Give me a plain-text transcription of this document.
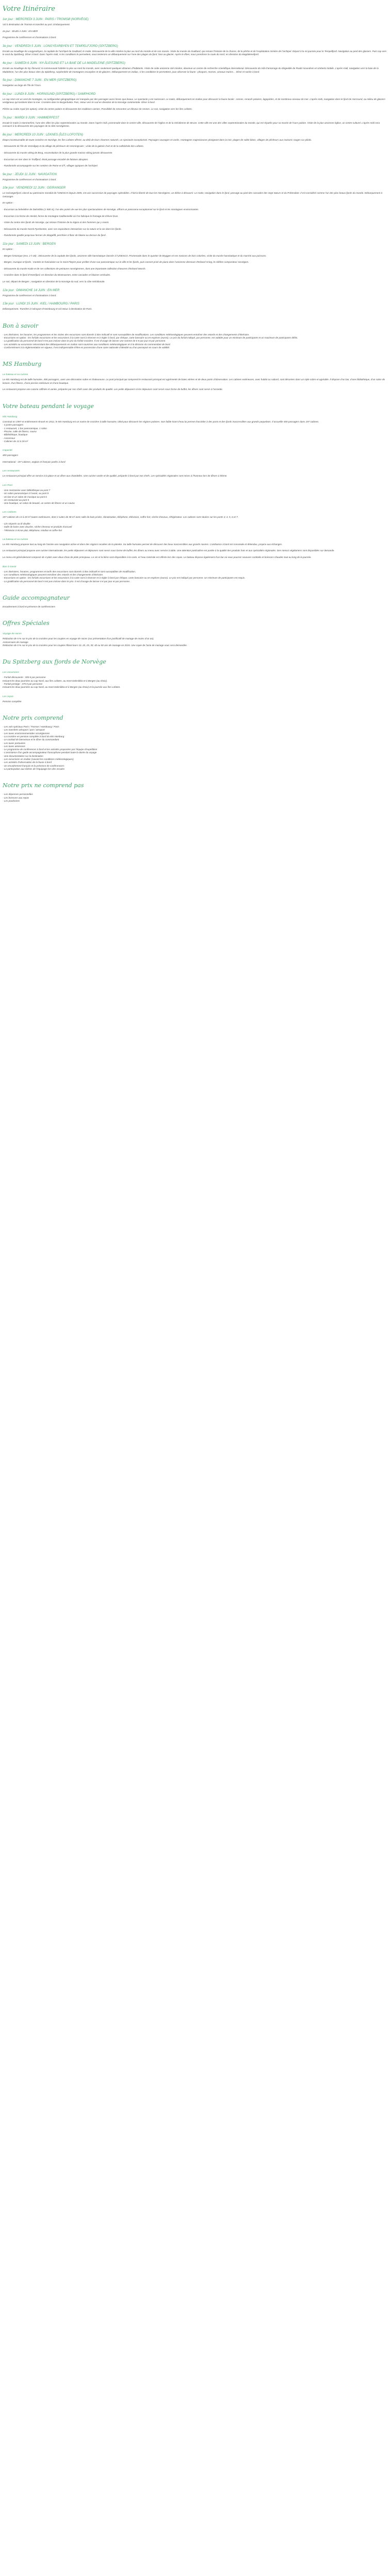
Votre Itinéraire
1er jour : MERCREDI 3 JUIN : PARIS / TROMSØ (NORVÈGE)
Vol à destination de Tromsø et transfert au port. Embarquement.
2e jour : JEUDI 4 JUIN : EN MER
Programme de conférences et d’animations à bord.
3e jour : VENDREDI 5 JUIN : LONGYEARBYEN ET TEMPELFJORD (SPITZBERG)
Escale au mouillage de Longyearbyen, la capitale de l’archipel du Svalbard, le matin. Découverte de la ville minière la plus au nord du monde et de son musée. Visite du musée du Svalbard, qui retrace l’histoire de la chasse, de la pêche et de l’exploitation minière de l’archipel. Départ à la mi-journée pour le Tempelfjord. Navigation au pied des glaciers. Puis cap vers le nord du Spitzberg. Dîner à bord. Dans l’après-midi, si les conditions le permettent, nous tenterons un débarquement sur l’une des plages du fjord, face au glacier. Après le dîner, nous prendrons la route du nord, en direction du Magdalenefjord.
4e jour : SAMEDI 6 JUIN : NY-ÅLESUND ET LA BAIE DE LA MADELEINE (SPITZBERG)
Escale au mouillage de Ny-Ålesund, la communauté habitée la plus au nord du monde, avec seulement quelques dizaines d’habitants. Visite de cette ancienne cité minière, devenue un centre de recherche scientifique international. Découverte du mât d’amarrage du dirigeable de Roald Amundsen et Umberto Nobile. L’après-midi, navigation vers la baie de la Madeleine, l’un des plus beaux sites du Spitzberg, surplombée de montagnes escarpées et de glaciers. Débarquement en zodiac, si les conditions le permettent, pour observer la faune : phoques, morses, oiseaux marins… Dîner et soirée à bord.
5e jour : DIMANCHE 7 JUIN : EN MER (SPITZBERG)
Navigation au large de l’île de l’Ours.
6e jour : LUNDI 8 JUIN : HORNSUND (SPITZBERG) / SAMPHORD
Le cap Horn est un vent de montagne, sa configuration géographique est marquée par des passages aussi lisses que beaux. Le spectacle y est saisissant. Le matin, débarquement en zodiac pour découvrir la faune locale : rennes, renards polaires, lagopèdes, et de nombreux oiseaux de mer. L’après-midi, navigation dans le fjord de Hornsund, au milieu de glaciers vertigineux qui tombent dans la mer. Croisière dans le Burgerbukta. Puis, retour vers le sud en direction de la Norvège continentale. Dîner à bord.
Pêche au crabe royal (en option), visite du centre polaire et découverte des traditions samies. Possibilité de rencontrer un éleveur de rennes. Le soir, navigation vers les îles Lofoten.
7e jour : MARDI 9 JUIN : HAMMERFEST
Escale le matin à Hammerfest, l’une des villes les plus septentrionales au monde. Dans l’après-midi, promenade dans le centre-ville, découverte de l’église et de la méridienne de Struve. Cette ville est une des villes septentrionales du monde, qui est réputée pour sa musée de l’ours polaire. Visite de la plus ancienne église, un centre culturel. L’après-midi sera consacré à la découverte des paysages de la côte norvégienne.
8e jour : MERCREDI 10 JUIN : LEKNES (ÎLES LOFOTEN)
Étape incontournable de toute croisière en Norvège, les îles Lofoten offrent, au-delà de leurs charmes naturels, un spectacle exceptionnel. Paysages sauvages et variés, montagnes majestueuses plongeant dans la mer, plages de sable blanc, villages de pêcheurs aux maisons rouges sur pilotis.
- Découverte de l’île de Vestvågøy et du village de pêcheurs de Henningsvær ; visite de la galerie d’art et de la cathédrale des Lofoten.
- Découverte du musée viking de Borg, reconstitution de la plus grande maison viking jamais découverte.
- Excursion en mer dans le Trollfjord, étroit passage encadré de falaises abruptes.
- Randonnée accompagnée sur les sentiers de Reine et d’Å, villages typiques de l’archipel.
9e jour : JEUDI 11 JUIN : NAVIGATION
Programme de conférences et d’animations à bord.
10e jour : VENDREDI 12 JUIN : GEIRANGER
Le Geirangerfjord, classé au patrimoine mondial de l’UNESCO depuis 2005, est une succession de paysages splendides. Il fait la liberté de tous les Norvégiens, un délice à découvrir. Le matin, navigation dans le fjord, passage au pied des cascades des Sept Sœurs et du Prétendant. Il est considéré comme l’un des plus beaux fjords du monde. Débarquement à Geiranger.
En option :
- Excursion au belvédère de Dalsnibba (1 500 m), l’un des points de vue les plus spectaculaires de Norvège, offrant un panorama exceptionnel sur le fjord et les montagnes environnantes.
- Excursion à la ferme de Herdal, ferme de montagne traditionnelle où l’on fabrique le fromage de chèvre brun.
- Visite du centre des fjords de Norvège, qui retrace l’histoire de la région et des hommes qui y vivent.
- Découverte du musée Norsk Fjordsenter, avec ses expositions interactives sur la nature et la vie dans les fjords.
- Randonnée guidée jusqu’aux fermes de Skageflå, perchées à flanc de falaise au-dessus du fjord.
11e jour : SAMEDI 13 JUIN : BERGEN
En option :
- Bergen historique (env. 2 h 30) : Découverte de la capitale des fjords, ancienne ville hanséatique classée à l’UNESCO. Promenade dans le quartier de Bryggen et ses maisons de bois colorées, visite du musée hanséatique et du marché aux poissons.
- Bergen, musique et fjords : montée en funiculaire sur le mont Fløyen pour profiter d’une vue panoramique sur la ville et les fjords, puis concert privé de piano dans l’ancienne demeure d’Edvard Grieg, le célèbre compositeur norvégien.
- Découverte du musée Kode et de ses collections de peintures norvégiennes, dont une importante collection d’œuvres d’Edvard Munch.
- Croisière dans le fjord d’Osterfjord, en direction du Mostraumen, entre cascades et falaises verticales.
Le soir, départ de Bergen ; navigation en direction de la Norvège du sud, vers la côte méridionale.
12e jour : DIMANCHE 14 JUIN : EN MER
Programme de conférences et d’animations à bord.
13e jour : LUNDI 15 JUIN : KIEL / HAMBOURG / PARIS
Débarquement. Transfert à l’aéroport d’Hambourg et vol retour à destination de Paris.
Bon à savoir
- Les itinéraires, les horaires, les programmes et les visites des excursions sont donnés à titre indicatif et sont susceptibles de modifications. Les conditions météorologiques peuvent entraîner des retards et des changements d’itinéraire.
- Excursions en option : les forfaits excursions et les excursions à la carte sont à réserver et à régler à bord, par chèque, carte bancaire ou en espèces (euros). Le prix du forfait indiqué, par personne, est valable pour un minimum de participants et un maximum de participants défini.
- La gratification du personnel de bord n’est pas incluse dans le prix du forfait croisière. Il est d’usage de laisser une somme de 6 € par jour et par personne.
- Les activités ou excursions nécessitant des débarquements en zodiac sont soumises aux conditions météorologiques et à la décision du commandant de bord.
- Conformément à la réglementation en vigueur, il est indispensable d’être en possession d’une carte nationale d’identité ou d’un passeport en cours de validité.
MS Hamburg
Le bateau et sa cuisine
Le MS Hamburg est de taille humaine, 400 passagers, avec une décoration sobre et chaleureuse. Le pont principal qui comprend le restaurant principal est agrémenté de baies vitrées et de deux ponts d’observation. Les cabines extérieures, avec hublot ou sabord, sont décorées dans un style sobre et agréable. Il dispose d’un bar, d’une bibliothèque, d’un salon de lecture, d’un fitness, d’une piscine extérieure et d’une boutique.
Le restaurant propose une cuisine raffinée et variée, préparée par nos chefs avec des produits de qualité. Les petits déjeuners et les déjeuners sont servis sous forme de buffet, les dîners sont servis à l’assiette.
Votre bateau pendant le voyage
MS Hamburg
Construit en 1997 et entièrement rénové en 2012, le MS Hamburg est un navire de croisière à taille humaine, idéal pour découvrir les régions polaires. Son faible tirant d’eau lui permet d’accéder à des ports et des fjords inaccessibles aux grands paquebots. Il accueille 400 passagers dans 197 cabines.
- 4 ponts passagers
- 1 restaurant, 1 bar panoramique, 1 salon
- Piscine, salle de fitness, sauna
- Bibliothèque, boutique
- Ascenseur
- Cabines de 13 à 28 m²
Capacité
400 passagers
International : 197 cabines, anglais et français parlés à bord
Les restaurants
Le restaurant principal offre un service à la place et un dîner aux chandelles. Une cuisine variée et de qualité, préparée à bord par nos chefs. Les spécialités régionales sont mises à l’honneur lors de dîners à thème.
Les Pont
- Une mezzanine avec bibliothèque au pont 7
- Un salon panoramique à l’avant, au pont 8
- Un bar et un salon de musique au pont 6
- Un restaurant au pont 5
- Une boutique, un salon de beauté, un centre de fitness et un sauna
Les Cabines
197 cabines de 13 à 28 m² toutes extérieures, dont 2 suites de 38 m² avec salle de bain privée, climatisation, téléphone, télévision, coffre-fort, sèche-cheveux, réfrigérateur. Les cabines sont situées sur les ponts 3, 4, 5, 6 et 7.
- Lits séparés ou lit double
- Salle de bains avec douche, sèche-cheveux et produits d’accueil
- Télévision à écran plat, téléphone, minibar et coffre-fort
La bateau et sa cuisine
Le MS Hamburg propose tout au long de l’année une navigation active et dans des régions reculées de la planète. Sa taille humaine permet de découvrir des lieux inaccessibles aux grands navires. L’ambiance à bord est conviviale et détendue, propice aux échanges.
Le restaurant principal propose une cuisine internationale, les petits déjeuners et déjeuners sont servis sous forme de buffet, les dîners au menu avec service à table. Une attention particulière est portée à la qualité des produits frais et aux spécialités régionales. Des menus végétariens sont disponibles sur demande.
Le menu est généralement composé de 4 plats avec deux choix de plats principaux. Le vin et la bière sont disponibles à la carte, et l’eau minérale est offerte lors des repas. Le bateau dispose également d’un bar où vous pourrez savourer cocktails et boissons chaudes tout au long de la journée.
Bon à savoir
- Les itinéraires, horaires, programmes et tarifs des excursions sont donnés à titre indicatif et sont susceptibles de modification.
- Les conditions météorologiques peuvent entraîner des retards et des changements d’itinéraire.
- Excursions en option : les forfaits excursions et les excursions à la carte sont à réserver et à régler à bord par chèque, carte bancaire ou en espèces (euros). Le prix est indiqué par personne. Un minimum de participants est requis.
- La gratification du personnel de bord n’est pas incluse dans le prix. Il est d’usage de laisser 6 € par jour et par personne.
Guide accompagnateur
Encadrement à bord et présence de conférenciers
Offres Spéciales
Voyage de noces
Réduction de 5 % sur le prix de la croisière pour les couples en voyage de noces (sur présentation d’un justificatif de mariage de moins d’un an).
Anniversaire de mariage
Réduction de 5 % sur le prix de la croisière pour les couples fêtant leurs 10, 20, 25, 30, 40 ou 50 ans de mariage en 2015. Une copie de l’acte de mariage vous sera demandée.
Du Spitzberg aux fjords de Norvège
Les excursions
- Forfait découverte : 300 € par personne
Incluant les deux journées au cap Nord, aux îles Lofoten, au mont Dalsnibba et à Bergen (au choix).
- Forfait prestige : 375 € par personne
Incluant les deux journées au cap Nord, au mont Dalsnibba et à Bergen (au choix) et la journée aux îles Lofoten.
Les repas
Pension complète
Notre prix comprend
- Les vols spéciaux Paris / Tromsø / Hambourg / Paris
- Les transferts aéroport / port / aéroport
- Les taxes environnementales norvégiennes
- La croisière en pension complète à bord du MS Hamburg
- Le cocktail de bienvenue et le dîner du commandant
- Les taxes portuaires
- Les taxes aériennes
- Le programme de conférences à bord et les activités proposées par l’équipe d’expédition
- L’assistance d’un guide accompagnateur francophone pendant toute la durée du voyage
- Une documentation sur la destination
- Les excursions en zodiac (suivant les conditions météorologiques)
- Les activités d’observation de la faune à bord
- Un encadrement français et la présence de conférenciers
- La participation aux tâches de l’équipage lors des escales
Notre prix ne comprend pas
- Les dépenses personnelles
- Les boissons aux repas
- Les pourboires
